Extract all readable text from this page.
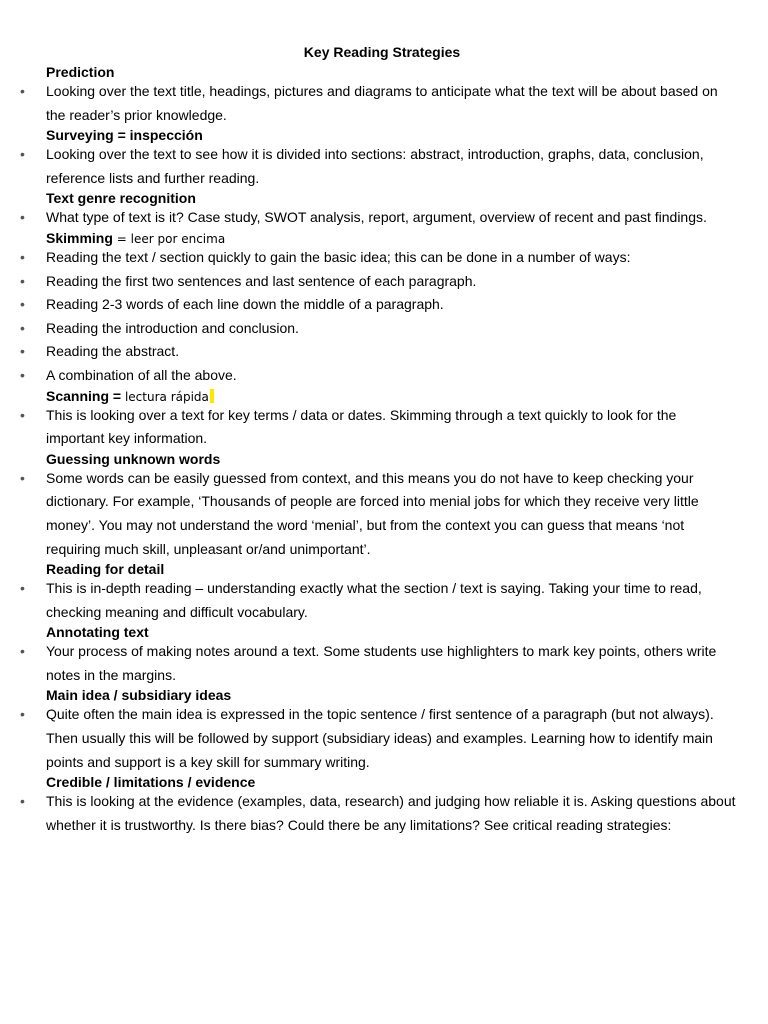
Key Reading Strategies
Prediction
• Looking over the text title, headings, pictures and diagrams to anticipate what the text will be about based on the reader’s prior knowledge.
Surveying = inspección
• Looking over the text to see how it is divided into sections: abstract, introduction, graphs, data, conclusion, reference lists and further reading.
Text genre recognition
• What type of text is it? Case study, SWOT analysis, report, argument, overview of recent and past findings.
Skimming = leer por encima
• Reading the text / section quickly to gain the basic idea; this can be done in a number of ways:
• Reading the first two sentences and last sentence of each paragraph.
• Reading 2-3 words of each line down the middle of a paragraph.
• Reading the introduction and conclusion.
• Reading the abstract.
• A combination of all the above.
Scanning = lectura rápida
• This is looking over a text for key terms / data or dates. Skimming through a text quickly to look for the important key information.
Guessing unknown words
• Some words can be easily guessed from context, and this means you do not have to keep checking your dictionary. For example, ‘Thousands of people are forced into menial jobs for which they receive very little money’. You may not understand the word ‘menial’, but from the context you can guess that means ‘not requiring much skill, unpleasant or/and unimportant’.
Reading for detail
• This is in-depth reading – understanding exactly what the section / text is saying. Taking your time to read, checking meaning and difficult vocabulary.
Annotating text
• Your process of making notes around a text. Some students use highlighters to mark key points, others write notes in the margins.
Main idea / subsidiary ideas
• Quite often the main idea is expressed in the topic sentence / first sentence of a paragraph (but not always). Then usually this will be followed by support (subsidiary ideas) and examples. Learning how to identify main points and support is a key skill for summary writing.
Credible / limitations / evidence
• This is looking at the evidence (examples, data, research) and judging how reliable it is. Asking questions about whether it is trustworthy. Is there bias? Could there be any limitations? See critical reading strategies:
